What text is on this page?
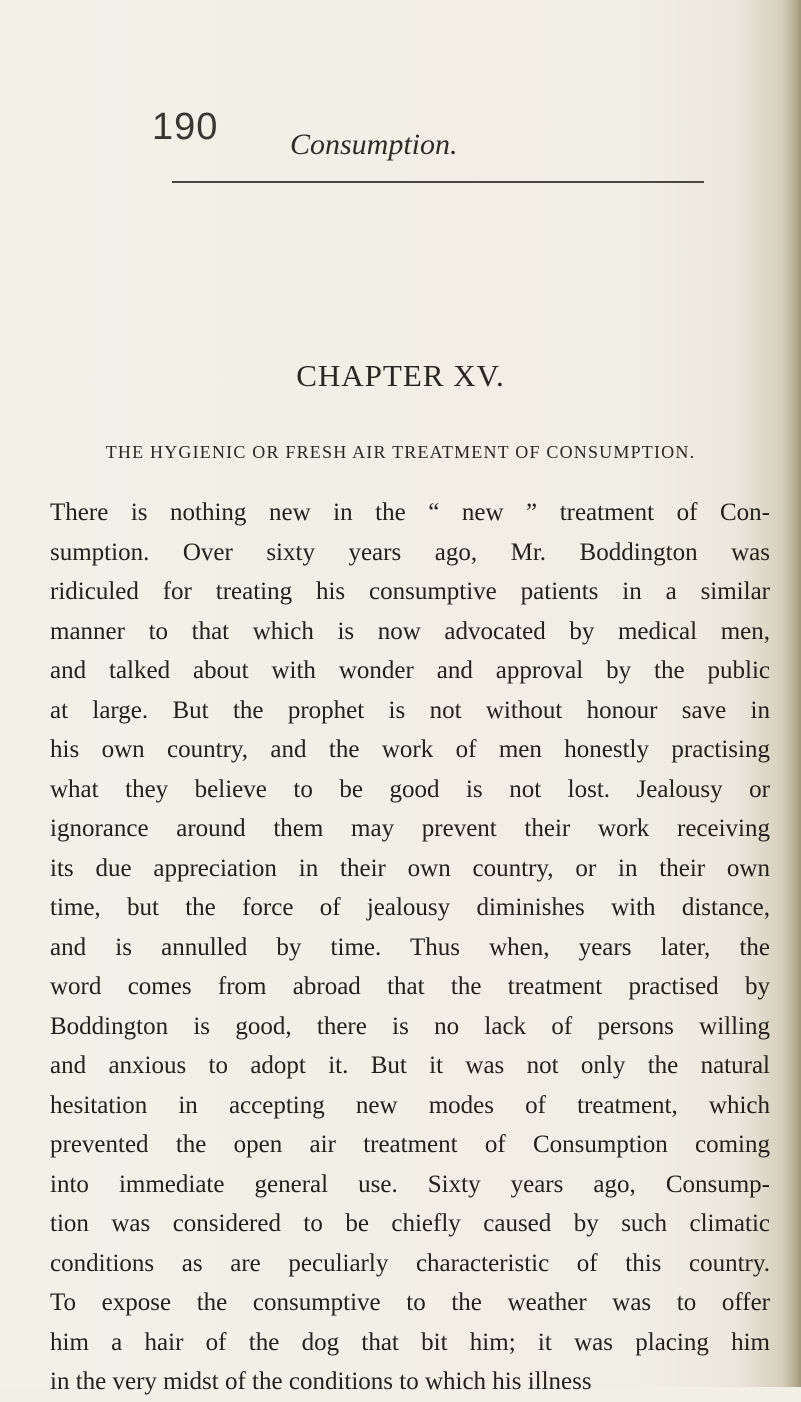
190 Consumption.
CHAPTER XV.
THE HYGIENIC OR FRESH AIR TREATMENT OF CONSUMPTION.
There is nothing new in the “ new ” treatment of Con-
sumption. Over sixty years ago, Mr. Boddington was
ridiculed for treating his consumptive patients in a similar
manner to that which is now advocated by medical men,
and talked about with wonder and approval by the public
at large. But the prophet is not without honour save in
his own country, and the work of men honestly practising
what they believe to be good is not lost. Jealousy or
ignorance around them may prevent their work receiving
its due appreciation in their own country, or in their own
time, but the force of jealousy diminishes with distance,
and is annulled by time. Thus when, years later, the
word comes from abroad that the treatment practised by
Boddington is good, there is no lack of persons willing
and anxious to adopt it. But it was not only the natural
hesitation in accepting new modes of treatment, which
prevented the open air treatment of Consumption coming
into immediate general use. Sixty years ago, Consump-
tion was considered to be chiefly caused by such climatic
conditions as are peculiarly characteristic of this country.
To expose the consumptive to the weather was to offer
him a hair of the dog that bit him; it was placing him
in the very midst of the conditions to which his illness
